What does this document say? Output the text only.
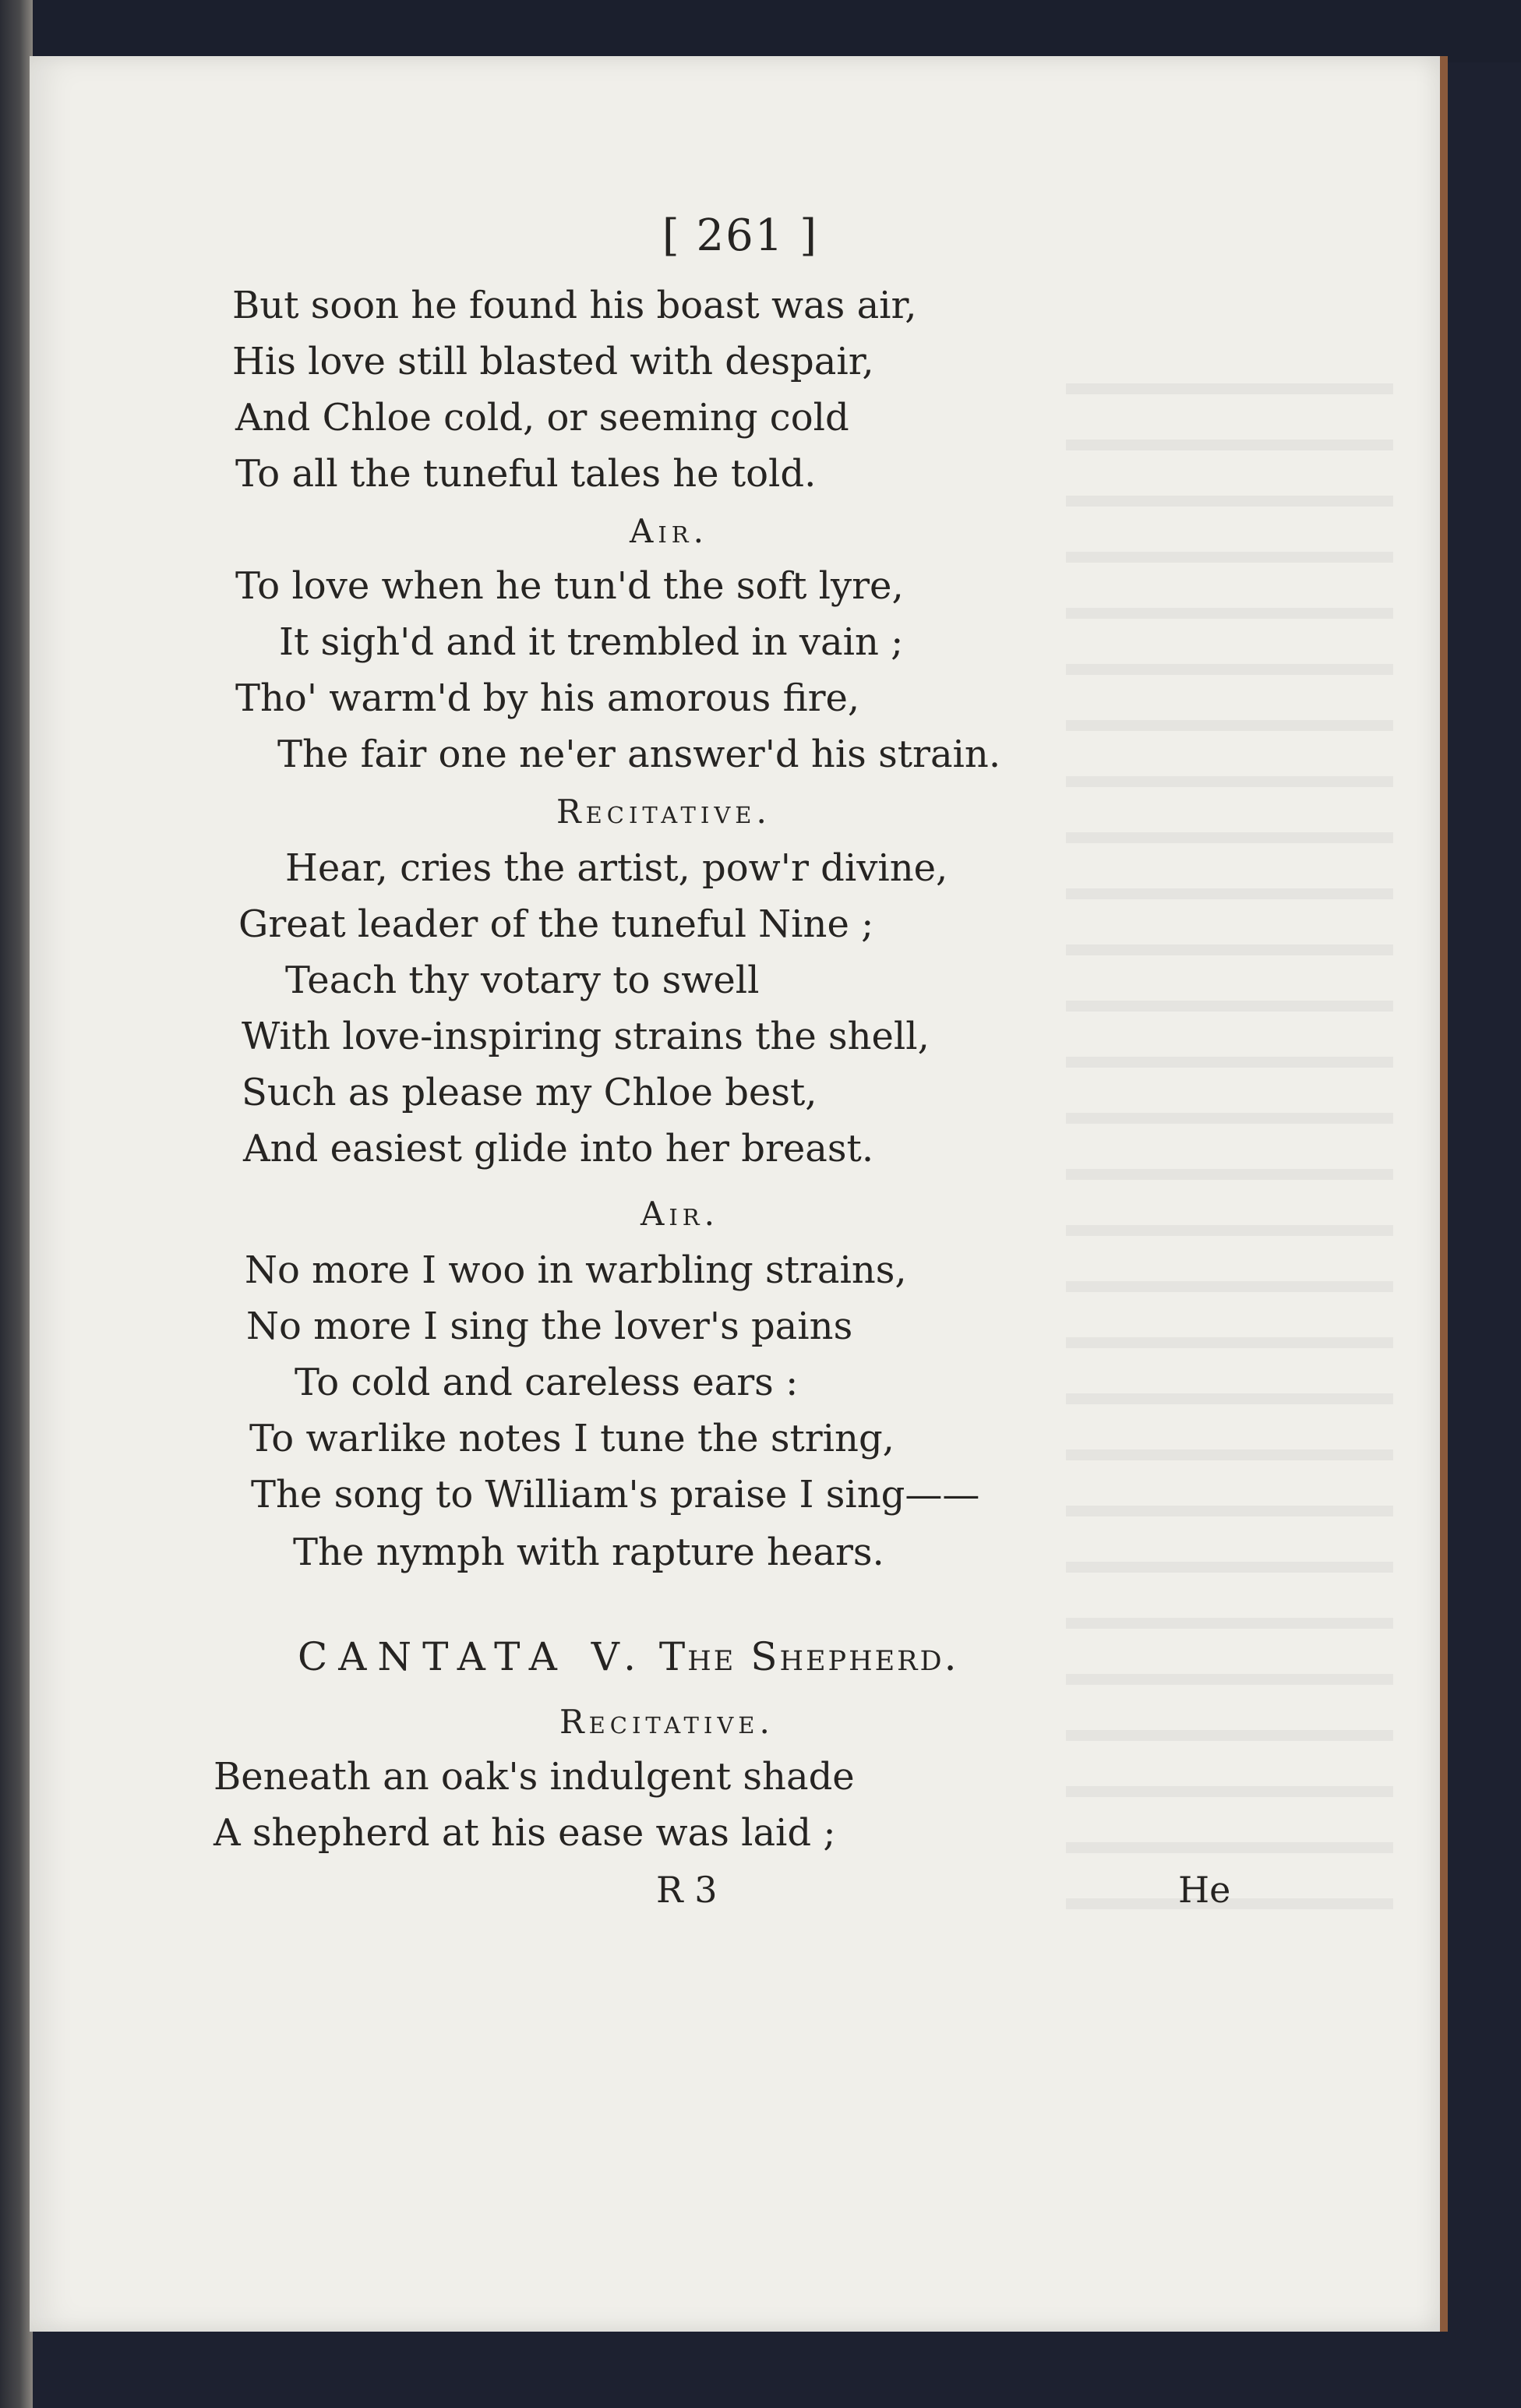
[ 261 ]
But soon he found his boast was air,
His love still blasted with despair,
And Chloe cold, or seeming cold
To all the tuneful tales he told.
Air.
To love when he tun'd the soft lyre,
It sigh'd and it trembled in vain ;
Tho' warm'd by his amorous fire,
The fair one ne'er answer'd his strain.
Recitative.
Hear, cries the artist, pow'r divine,
Great leader of the tuneful Nine ;
Teach thy votary to swell
With love-inspiring strains the shell,
Such as please my Chloe best,
And easiest glide into her breast.
Air.
No more I woo in warbling strains,
No more I sing the lover's pains
To cold and careless ears :
To warlike notes I tune the string,
The song to William's praise I sing——
The nymph with rapture hears.
CANTATA V. The Shepherd.
Recitative.
Beneath an oak's indulgent shade
A shepherd at his ease was laid ;
R 3	He
